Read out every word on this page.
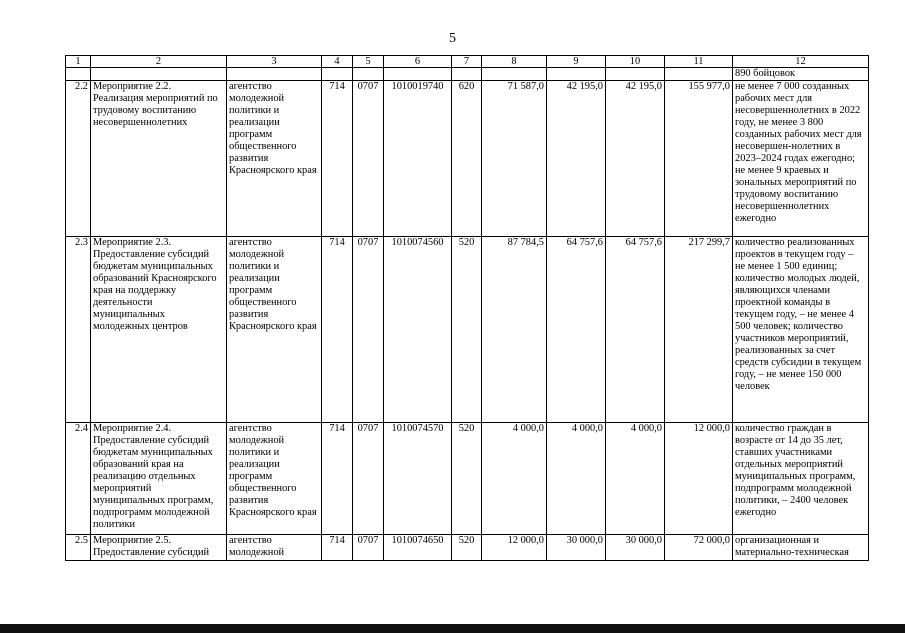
5
1	2	3	4	5	6	7	8	9	10	11	12
											890 бойцовок
2.2	Мероприятие 2.2. Реализация мероприятий по трудовому воспитанию несовершеннолетних	агентство молодежной политики и реализации программ общественного развития Красноярского края	714	0707	1010019740	620	71 587,0	42 195,0	42 195,0	155 977,0	не менее 7 000 созданных рабочих мест для несовершеннолетних в 2022 году, не менее 3 800 созданных рабочих мест для несовершен-нолетних в 2023–2024 годах ежегодно; не менее 9 краевых и зональных мероприятий по трудовому воспитанию несовершеннолетних ежегодно
2.3	Мероприятие 2.3. Предоставление субсидий бюджетам муниципальных образований Красноярского края на поддержку деятельности муниципальных молодежных центров	агентство молодежной политики и реализации программ общественного развития Красноярского края	714	0707	1010074560	520	87 784,5	64 757,6	64 757,6	217 299,7	количество реализованных проектов в текущем году – не менее 1 500 единиц; количество молодых людей, являющихся членами проектной команды в текущем году, – не менее 4 500 человек; количество участников мероприятий, реализованных за счет средств субсидии в текущем году, – не менее 150 000 человек
2.4	Мероприятие 2.4. Предоставление субсидий бюджетам муниципальных образований края на реализацию отдельных мероприятий муниципальных программ, подпрограмм молодежной политики	агентство молодежной политики и реализации программ общественного развития Красноярского края	714	0707	1010074570	520	4 000,0	4 000,0	4 000,0	12 000,0	количество граждан в возрасте от 14 до 35 лет, ставших участниками отдельных мероприятий муниципальных программ, подпрограмм молодежной политики, – 2400 человек ежегодно
2.5	Мероприятие 2.5. Предоставление субсидий	агентство молодежной	714	0707	1010074650	520	12 000,0	30 000,0	30 000,0	72 000,0	организационная и материально-техническая
